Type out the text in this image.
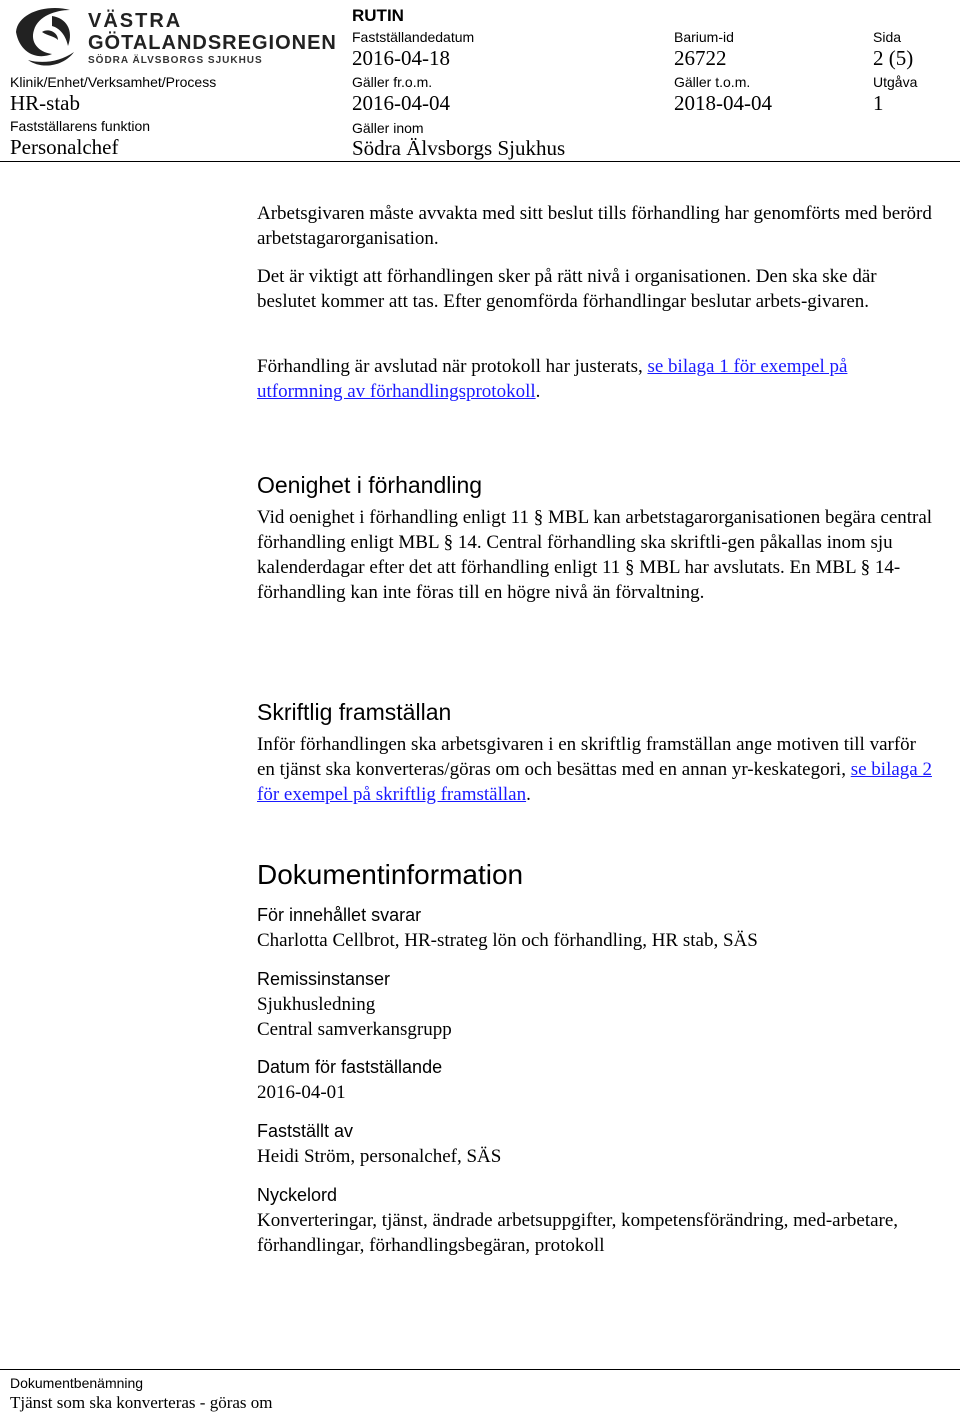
VÄSTRA
GÖTALANDSREGIONEN
SÖDRA ÄLVSBORGS SJUKHUS
RUTIN
Klinik/Enhet/Verksamhet/Process
HR-stab
Fastställarens funktion
Personalchef
Fastställandedatum
2016-04-18
Gäller fr.o.m.
2016-04-04
Gäller inom
Södra Älvsborgs Sjukhus
Barium-id
26722
Gäller t.o.m.
2018-04-04
Sida
2 (5)
Utgåva
1

Arbetsgivaren måste avvakta med sitt beslut tills förhandling har genomförts med berörd arbetstagarorganisation.

Det är viktigt att förhandlingen sker på rätt nivå i organisationen. Den ska ske där beslutet kommer att tas. Efter genomförda förhandlingar beslutar arbets-givaren.

Förhandling är avslutad när protokoll har justerats, se bilaga 1 för exempel på utformning av förhandlingsprotokoll.

Oenighet i förhandling

Vid oenighet i förhandling enligt 11 § MBL kan arbetstagarorganisationen begära central förhandling enligt MBL § 14. Central förhandling ska skriftli-gen påkallas inom sju kalenderdagar efter det att förhandling enligt 11 § MBL har avslutats. En MBL § 14-förhandling kan inte föras till en högre nivå än förvaltning.

Skriftlig framställan

Inför förhandlingen ska arbetsgivaren i en skriftlig framställan ange motiven till varför en tjänst ska konverteras/göras om och besättas med en annan yr-keskategori, se bilaga 2 för exempel på skriftlig framställan.

Dokumentinformation
För innehållet svarar
Charlotta Cellbrot, HR-strateg lön och förhandling, HR stab, SÄS
Remissinstanser
Sjukhusledning
Central samverkansgrupp
Datum för fastställande
2016-04-01
Fastställt av
Heidi Ström, personalchef, SÄS
Nyckelord
Konverteringar, tjänst, ändrade arbetsuppgifter, kompetensförändring, med-arbetare, förhandlingar, förhandlingsbegäran, protokoll
Dokumentbenämning
Tjänst som ska konverteras - göras om
